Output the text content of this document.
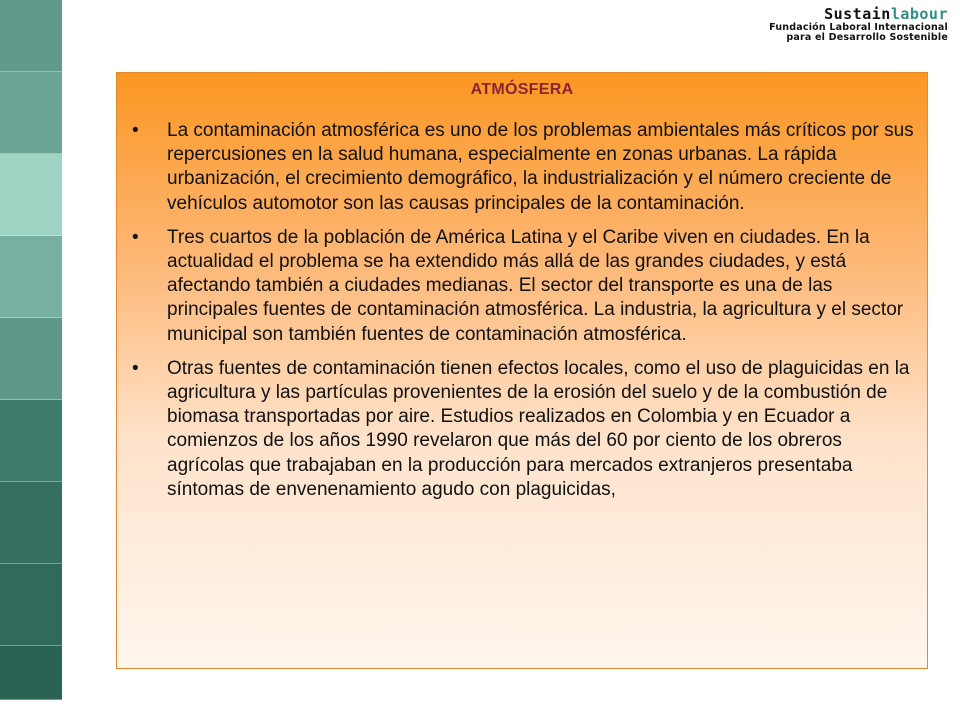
Sustainlabour
Fundación Laboral Internacional
para el Desarrollo Sostenible
ATMÓSFERA
• La contaminación atmosférica es uno de los problemas ambientales más críticos por sus repercusiones en la salud humana, especialmente en zonas urbanas. La rápida urbanización, el crecimiento demográfico, la industrialización y el número creciente de vehículos automotor son las causas principales de la contaminación.
• Tres cuartos de la población de América Latina y el Caribe viven en ciudades. En la actualidad el problema se ha extendido más allá de las grandes ciudades, y está afectando también a ciudades medianas. El sector del transporte es una de las principales fuentes de contaminación atmosférica. La industria, la agricultura y el sector municipal son también fuentes de contaminación atmosférica.
• Otras fuentes de contaminación tienen efectos locales, como el uso de plaguicidas en la agricultura y las partículas provenientes de la erosión del suelo y de la combustión de biomasa transportadas por aire. Estudios realizados en Colombia y en Ecuador a comienzos de los años 1990 revelaron que más del 60 por ciento de los obreros agrícolas que trabajaban en la producción para mercados extranjeros presentaba síntomas de envenenamiento agudo con plaguicidas,
